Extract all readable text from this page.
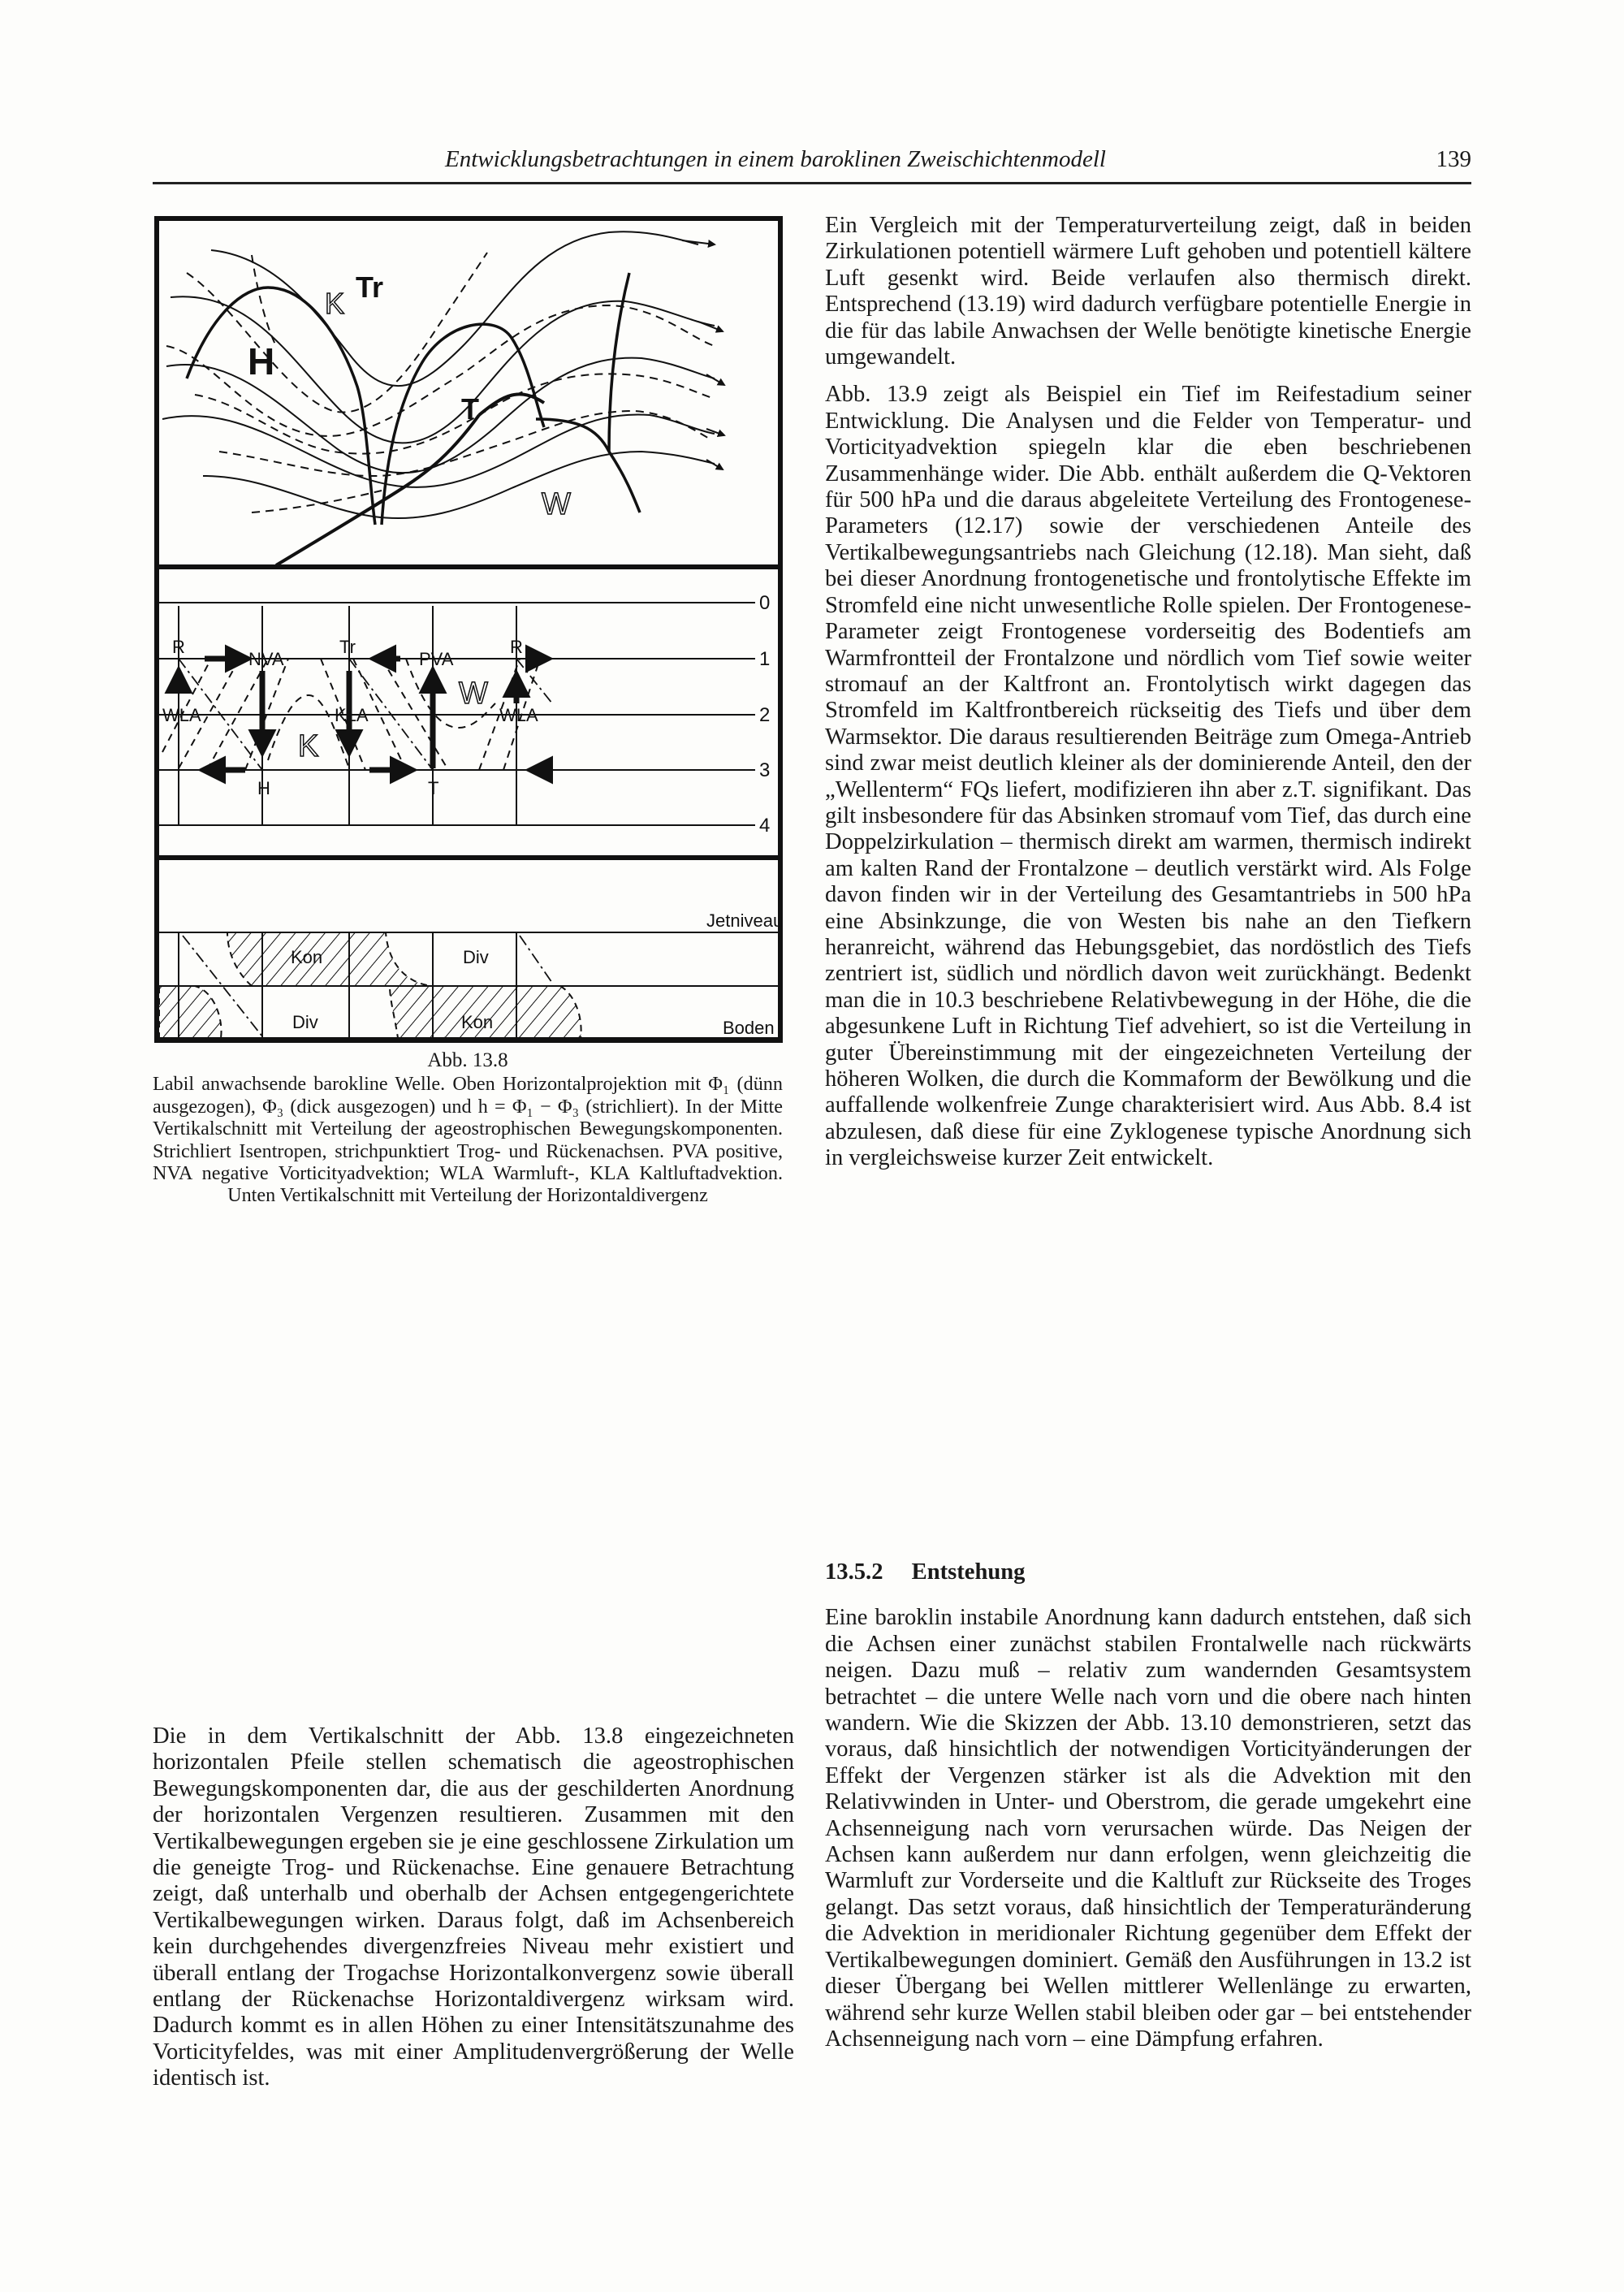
Entwicklungsbetrachtungen in einem baroklinen Zweischichtenmodell	139
H
K Tr
T
W
0
1
2
3
4
R	Tr	R
NVA	PVA
WLA	KLA	WLA
H	T
K
W
Jetniveau
Boden
Kon	Div
Div	Kon
Abb. 13.8
Labil anwachsende barokline Welle. Oben Horizontalprojektion mit Φ₁ (dünn ausgezogen), Φ₃ (dick ausgezogen) und h = Φ₁ − Φ₃ (strichliert). In der Mitte Vertikalschnitt mit Verteilung der ageostrophischen Bewegungskomponenten. Strichliert Isentropen, strichpunktiert Trog- und Rückenachsen. PVA positive, NVA negative Vorticityadvektion; WLA Warmluft-, KLA Kaltluftadvektion. Unten Vertikalschnitt mit Verteilung der Horizontaldivergenz

Ein Vergleich mit der Temperaturverteilung zeigt, daß in beiden Zirkulationen potentiell wärmere Luft gehoben und potentiell kältere Luft gesenkt wird. Beide verlaufen also thermisch direkt. Entsprechend (13.19) wird dadurch verfügbare potentielle Energie in die für das labile Anwachsen der Welle benötigte kinetische Energie umgewandelt.

Abb. 13.9 zeigt als Beispiel ein Tief im Reifestadium seiner Entwicklung. Die Analysen und die Felder von Temperatur- und Vorticityadvektion spiegeln klar die eben beschriebenen Zusammenhänge wider. Die Abb. enthält außerdem die Q-Vektoren für 500 hPa und die daraus abgeleitete Verteilung des Frontogenese-Parameters (12.17) sowie der verschiedenen Anteile des Vertikalbewegungsantriebs nach Gleichung (12.18). Man sieht, daß bei dieser Anordnung frontogenetische und frontolytische Effekte im Stromfeld eine nicht unwesentliche Rolle spielen. Der Frontogenese-Parameter zeigt Frontogenese vorderseitig des Bodentiefs am Warmfrontteil der Frontalzone und nördlich vom Tief sowie weiter stromauf an der Kaltfront an. Frontolytisch wirkt dagegen das Stromfeld im Kaltfrontbereich rückseitig des Tiefs und über dem Warmsektor. Die daraus resultierenden Beiträge zum Omega-Antrieb sind zwar meist deutlich kleiner als der dominierende Anteil, den der „Wellenterm“ FQs liefert, modifizieren ihn aber z.T. signifikant. Das gilt insbesondere für das Absinken stromauf vom Tief, das durch eine Doppelzirkulation – thermisch direkt am warmen, thermisch indirekt am kalten Rand der Frontalzone – deutlich verstärkt wird. Als Folge davon finden wir in der Verteilung des Gesamtantriebs in 500 hPa eine Absinkzunge, die von Westen bis nahe an den Tiefkern heranreicht, während das Hebungsgebiet, das nordöstlich des Tiefs zentriert ist, südlich und nördlich davon weit zurückhängt. Bedenkt man die in 10.3 beschriebene Relativbewegung in der Höhe, die die abgesunkene Luft in Richtung Tief advehiert, so ist die Verteilung in guter Übereinstimmung mit der eingezeichneten Verteilung der höheren Wolken, die durch die Kommaform der Bewölkung und die auffallende wolkenfreie Zunge charakterisiert wird. Aus Abb. 8.4 ist abzulesen, daß diese für eine Zyklogenese typische Anordnung sich in vergleichsweise kurzer Zeit entwickelt.

13.5.2 Entstehung

Eine baroklin instabile Anordnung kann dadurch entstehen, daß sich die Achsen einer zunächst stabilen Frontalwelle nach rückwärts neigen. Dazu muß – relativ zum wandernden Gesamtsystem betrachtet – die untere Welle nach vorn und die obere nach hinten wandern. Wie die Skizzen der Abb. 13.10 demonstrieren, setzt das voraus, daß hinsichtlich der notwendigen Vorticityänderungen der Effekt der Vergenzen stärker ist als die Advektion mit den Relativwinden in Unter- und Oberstrom, die gerade umgekehrt eine Achsenneigung nach vorn verursachen würde. Das Neigen der Achsen kann außerdem nur dann erfolgen, wenn gleichzeitig die Warmluft zur Vorderseite und die Kaltluft zur Rückseite des Troges gelangt. Das setzt voraus, daß hinsichtlich der Temperaturänderung die Advektion in meridionaler Richtung gegenüber dem Effekt der Vertikalbewegungen dominiert. Gemäß den Ausführungen in 13.2 ist dieser Übergang bei Wellen mittlerer Wellenlänge zu erwarten, während sehr kurze Wellen stabil bleiben oder gar – bei entstehender Achsenneigung nach vorn – eine Dämpfung erfahren.

Die in dem Vertikalschnitt der Abb. 13.8 eingezeichneten horizontalen Pfeile stellen schematisch die ageostrophischen Bewegungskomponenten dar, die aus der geschilderten Anordnung der horizontalen Vergenzen resultieren. Zusammen mit den Vertikalbewegungen ergeben sie je eine geschlossene Zirkulation um die geneigte Trog- und Rückenachse. Eine genauere Betrachtung zeigt, daß unterhalb und oberhalb der Achsen entgegengerichtete Vertikalbewegungen wirken. Daraus folgt, daß im Achsenbereich kein durchgehendes divergenzfreies Niveau mehr existiert und überall entlang der Trogachse Horizontalkonvergenz sowie überall entlang der Rückenachse Horizontaldivergenz wirksam wird. Dadurch kommt es in allen Höhen zu einer Intensitätszunahme des Vorticityfeldes, was mit einer Amplitudenvergrößerung der Welle identisch ist.
